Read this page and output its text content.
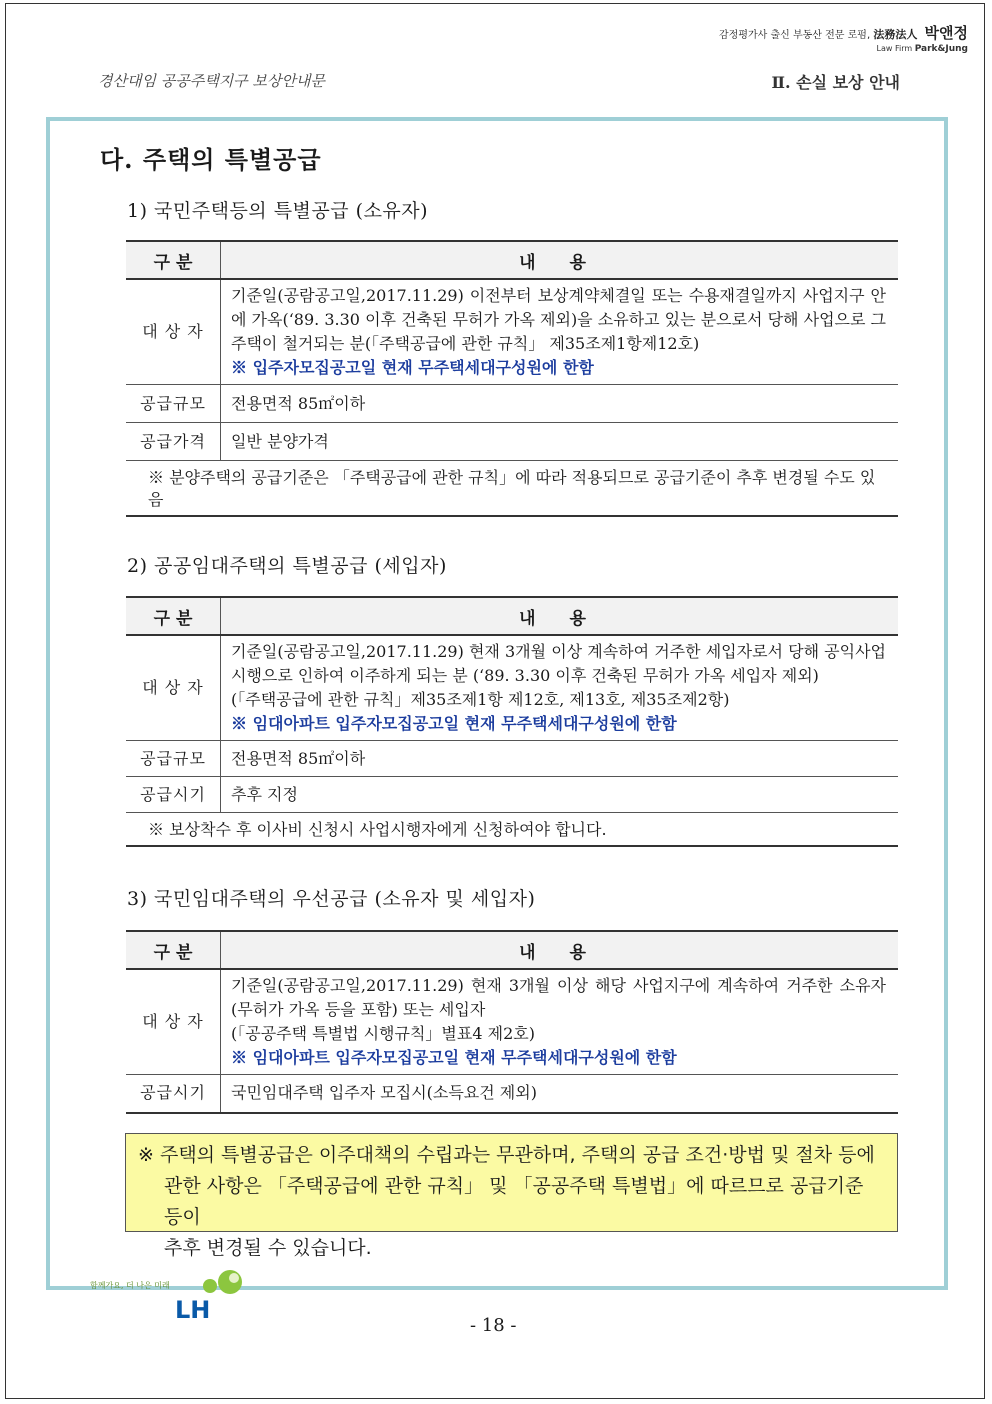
감정평가사 출신 부동산 전문 로펌, 法務法人 박앤정
Law Firm Park&Jung
경산대임 공공주택지구 보상안내문	Ⅱ. 손실 보상 안내
다. 주택의 특별공급
1) 국민주택등의 특별공급 (소유자)
구 분	내 용
대 상 자	기준일(공람공고일,2017.11.29) 이전부터 보상계약체결일 또는 수용재결일까지 사업지구 안에 가옥(‘89. 3.30 이후 건축된 무허가 가옥 제외)을 소유하고 있는 분으로서 당해 사업으로 그 주택이 철거되는 분(「주택공급에 관한 규칙」 제35조제1항제12호)
※ 입주자모집공고일 현재 무주택세대구성원에 한함

공급규모	전용면적 85㎡이하
공급가격	일반 분양가격
※ 분양주택의 공급기준은 「주택공급에 관한 규칙」에 따라 적용되므로 공급기준이 추후 변경될 수도 있음	
2) 공공임대주택의 특별공급 (세입자)
구 분	내 용
대 상 자	기준일(공람공고일,2017.11.29) 현재 3개월 이상 계속하여 거주한 세입자로서 당해 공익사업 시행으로 인하여 이주하게 되는 분 (‘89. 3.30 이후 건축된 무허가 가옥 세입자 제외)
(「주택공급에 관한 규칙」제35조제1항 제12호, 제13호, 제35조제2항)
※ 임대아파트 입주자모집공고일 현재 무주택세대구성원에 한함

공급규모	전용면적 85㎡이하
공급시기	추후 지정
※ 보상착수 후 이사비 신청시 사업시행자에게 신청하여야 합니다.	
3) 국민임대주택의 우선공급 (소유자 및 세입자)
구 분	내 용
대 상 자	기준일(공람공고일,2017.11.29) 현재 3개월 이상 해당 사업지구에 계속하여 거주한 소유자(무허가 가옥 등을 포함) 또는 세입자
(「공공주택 특별법 시행규칙」별표4 제2호)
※ 임대아파트 입주자모집공고일 현재 무주택세대구성원에 한함

공급시기	국민임대주택 입주자 모집시(소득요건 제외)
※ 주택의 특별공급은 이주대책의 수립과는 무관하며, 주택의 공급 조건·방법 및 절차 등에
관한 사항은 「주택공급에 관한 규칙」 및 「공공주택 특별법」에 따르므로 공급기준 등이
추후 변경될 수 있습니다.
함께가요, 더 나은 미래
LH
- 18 -
